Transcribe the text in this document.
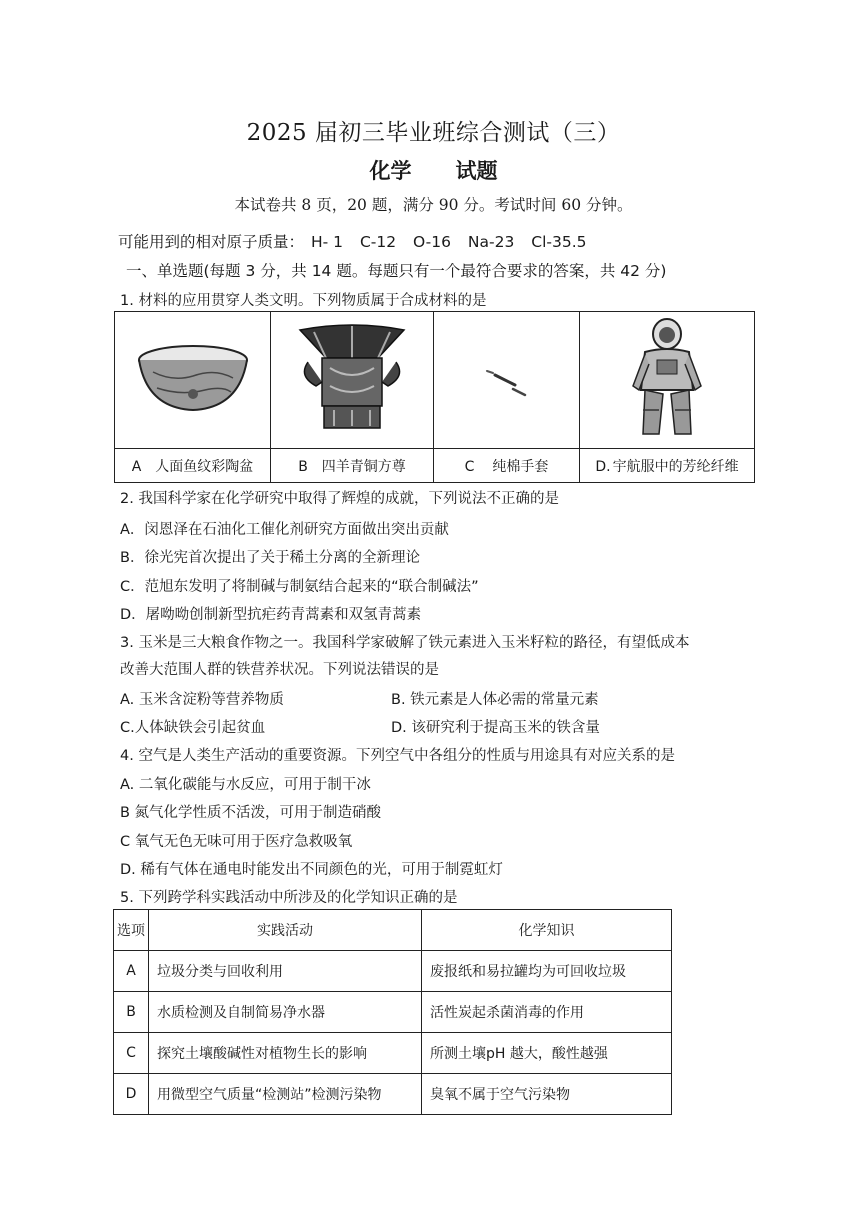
2025 届初三毕业班综合测试（三）
化学 试题
本试卷共 8 页，20 题，满分 90 分。考试时间 60 分钟。
可能用到的相对原子质量： H- 1 C-12 O-16 Na-23 Cl-35.5
一、单选题(每题 3 分，共 14 题。每题只有一个最符合要求的答案，共 42 分)
1. 材料的应用贯穿人类文明。下列物质属于合成材料的是

A 人面鱼纹彩陶盆	B 四羊青铜方尊	C 纯棉手套	D. 宇航服中的芳纶纤维
2. 我国科学家在化学研究中取得了辉煌的成就，下列说法不正确的是
A．闵恩泽在石油化工催化剂研究方面做出突出贡献
B．徐光宪首次提出了关于稀土分离的全新理论
C．范旭东发明了将制碱与制氨结合起来的“联合制碱法”
D．屠呦呦创制新型抗疟药青蒿素和双氢青蒿素
3. 玉米是三大粮食作物之一。我国科学家破解了铁元素进入玉米籽粒的路径，有望低成本
改善大范围人群的铁营养状况。下列说法错误的是
A. 玉米含淀粉等营养物质	B. 铁元素是人体必需的常量元素
C.人体缺铁会引起贫血	D. 该研究利于提高玉米的铁含量
4. 空气是人类生产活动的重要资源。下列空气中各组分的性质与用途具有对应关系的是
A. 二氧化碳能与水反应，可用于制干冰
B 氮气化学性质不活泼，可用于制造硝酸
C 氧气无色无味可用于医疗急救吸氧
D. 稀有气体在通电时能发出不同颜色的光，可用于制霓虹灯
5. 下列跨学科实践活动中所涉及的化学知识正确的是
选项	实践活动	化学知识
A	垃圾分类与回收利用	废报纸和易拉罐均为可回收垃圾
B	水质检测及自制简易净水器	活性炭起杀菌消毒的作用
C	探究土壤酸碱性对植物生长的影响	所测土壤pH 越大，酸性越强
D	用微型空气质量“检测站”检测污染物	臭氧不属于空气污染物
